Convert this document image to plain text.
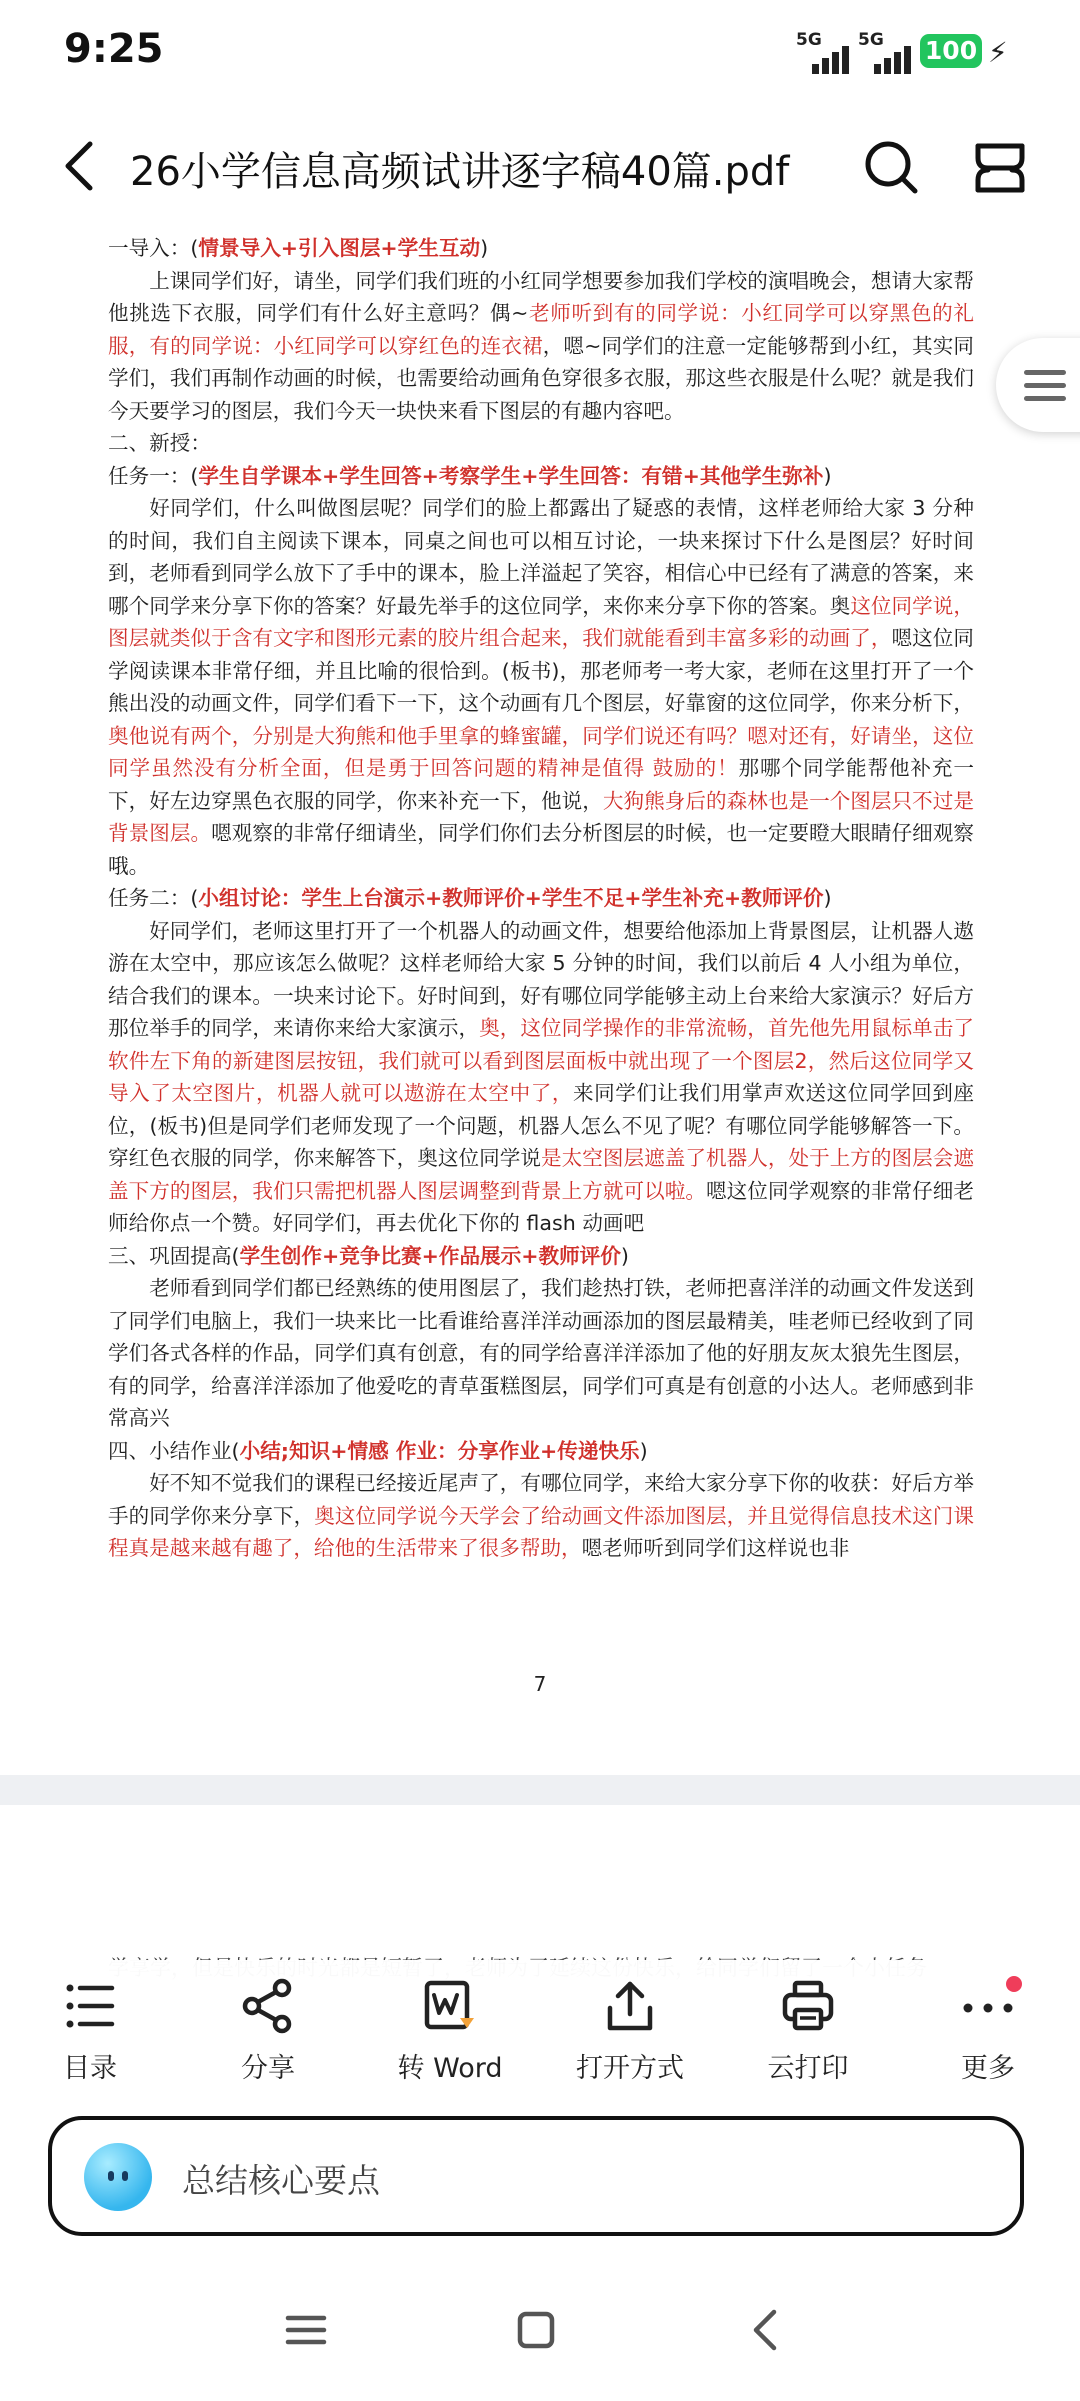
9:25	5G 5G 100 ⚡
26小学信息高频试讲逐字稿40篇.pdf

一导入：(情景导入+引入图层+学生互动)

上课同学们好，请坐，同学们我们班的小红同学想要参加我们学校的演唱晚会，想请大家帮他挑选下衣服，同学们有什么好主意吗？偶~老师听到有的同学说：小红同学可以穿黑色的礼服，有的同学说：小红同学可以穿红色的连衣裙，嗯~同学们的注意一定能够帮到小红，其实同学们，我们再制作动画的时候，也需要给动画角色穿很多衣服，那这些衣服是什么呢？就是我们今天要学习的图层，我们今天一块快来看下图层的有趣内容吧。

二、新授：

任务一：(学生自学课本+学生回答+考察学生+学生回答：有错+其他学生弥补)

好同学们，什么叫做图层呢？同学们的脸上都露出了疑惑的表情，这样老师给大家 3 分种的时间，我们自主阅读下课本，同桌之间也可以相互讨论，一块来探讨下什么是图层？好时间到，老师看到同学么放下了手中的课本，脸上洋溢起了笑容，相信心中已经有了满意的答案，来 哪个同学来分享下你的答案？好最先举手的这位同学，来你来分享下你的答案。奥这位同学说，图层就类似于含有文字和图形元素的胶片组合起来，我们就能看到丰富多彩的动画了，嗯这位同学阅读课本非常仔细，并且比喻的很恰到。(板书)，那老师考一考大家，老师在这里打开了一个熊出没的动画文件，同学们看下一下，这个动画有几个图层，好靠窗的这位同学，你来分析下，奥他说有两个，分别是大狗熊和他手里拿的蜂蜜罐，同学们说还有吗？嗯对还有，好请坐，这位同学虽然没有分析全面，但是勇于回答问题的精神是值得 鼓励的！那哪个同学能帮他补充一下，好左边穿黑色衣服的同学，你来补充一下，他说，大狗熊身后的森林也是一个图层只不过是背景图层。嗯观察的非常仔细请坐，同学们你们去分析图层的时候，也一定要瞪大眼睛仔细观察哦。

任务二：(小组讨论：学生上台演示+教师评价+学生不足+学生补充+教师评价)

好同学们，老师这里打开了一个机器人的动画文件，想要给他添加上背景图层，让机器人遨游在太空中，那应该怎么做呢？这样老师给大家 5 分钟的时间，我们以前后 4 人小组为单位，结合我们的课本。一块来讨论下。好时间到，好有哪位同学能够主动上台来给大家演示？好后方那位举手的同学，来请你来给大家演示，奥，这位同学操作的非常流畅，首先他先用鼠标单击了软件左下角的新建图层按钮，我们就可以看到图层面板中就出现了一个图层2，然后这位同学又导入了太空图片，机器人就可以遨游在太空中了，来同学们让我们用掌声欢送这位同学回到座位，(板书)但是同学们老师发现了一个问题，机器人怎么不见了呢？有哪位同学能够解答一下。穿红色衣服的同学，你来解答下，奥这位同学说是太空图层遮盖了机器人，处于上方的图层会遮盖下方的图层，我们只需把机器人图层调整到背景上方就可以啦。嗯这位同学观察的非常仔细老师给你点一个赞。好同学们，再去优化下你的 flash 动画吧

三、巩固提高(学生创作+竞争比赛+作品展示+教师评价)

老师看到同学们都已经熟练的使用图层了，我们趁热打铁，老师把喜洋洋的动画文件发送到了同学们电脑上，我们一块来比一比看谁给喜洋洋动画添加的图层最精美，哇老师已经收到了同学们各式各样的作品，同学们真有创意，有的同学给喜洋洋添加了他的好朋友灰太狼先生图层，有的同学，给喜洋洋添加了他爱吃的青草蛋糕图层，同学们可真是有创意的小达人。老师感到非常高兴

四、小结作业(小结;知识+情感 作业：分享作业+传递快乐)

好不知不觉我们的课程已经接近尾声了，有哪位同学，来给大家分享下你的收获：好后方举手的同学你来分享下，奥这位同学说今天学会了给动画文件添加图层，并且觉得信息技术这门课程真是越来越有趣了，给他的生活带来了很多帮助，嗯老师听到同学们这样说也非

7
目录	分享	转 Word	打开方式	云打印	更多
总结核心要点
